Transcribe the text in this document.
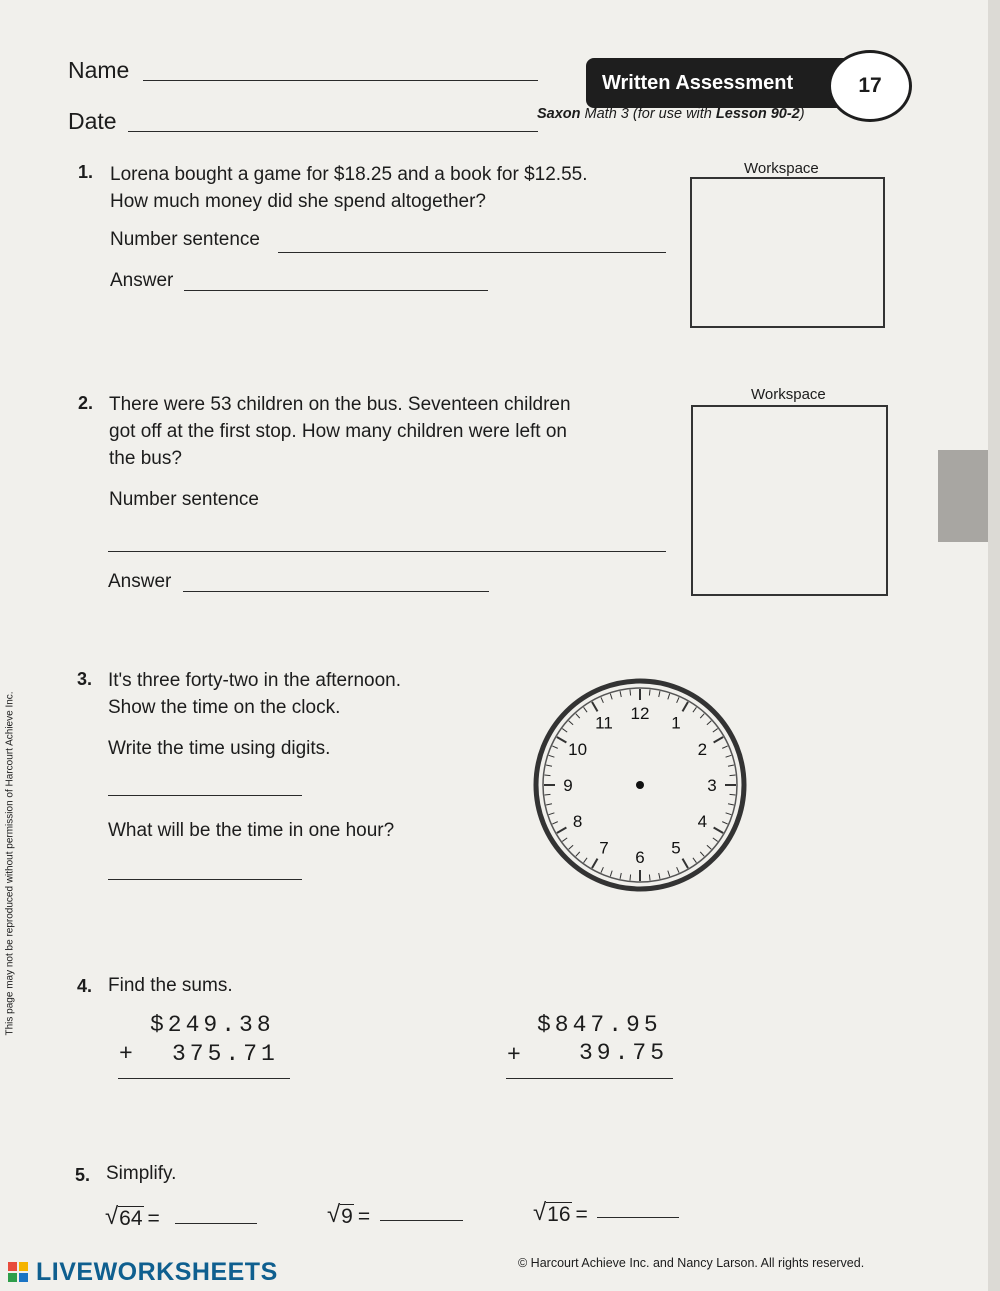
Name
Date
Written Assessment	17
Saxon Math 3 (for use with Lesson 90-2)
1. Lorena bought a game for $18.25 and a book for $12.55.
How much money did she spend altogether?
Number sentence
Answer
Workspace
2. There were 53 children on the bus. Seventeen children
got off at the first stop. How many children were left on
the bus?
Number sentence
Answer
Workspace
3. It's three forty-two in the afternoon.
Show the time on the clock.
Write the time using digits.
What will be the time in one hour?
12
1
2
3
4
5
6
7
8
9
10
11
4. Find the sums.
$249.38
+ 375.71
$847.95
+ 39.75
5. Simplify.
√ 64 =	√ 9 =	√ 16 =
This page may not be reproduced without permission of Harcourt Achieve Inc.
© Harcourt Achieve Inc. and Nancy Larson. All rights reserved.
LIVEWORKSHEETS
